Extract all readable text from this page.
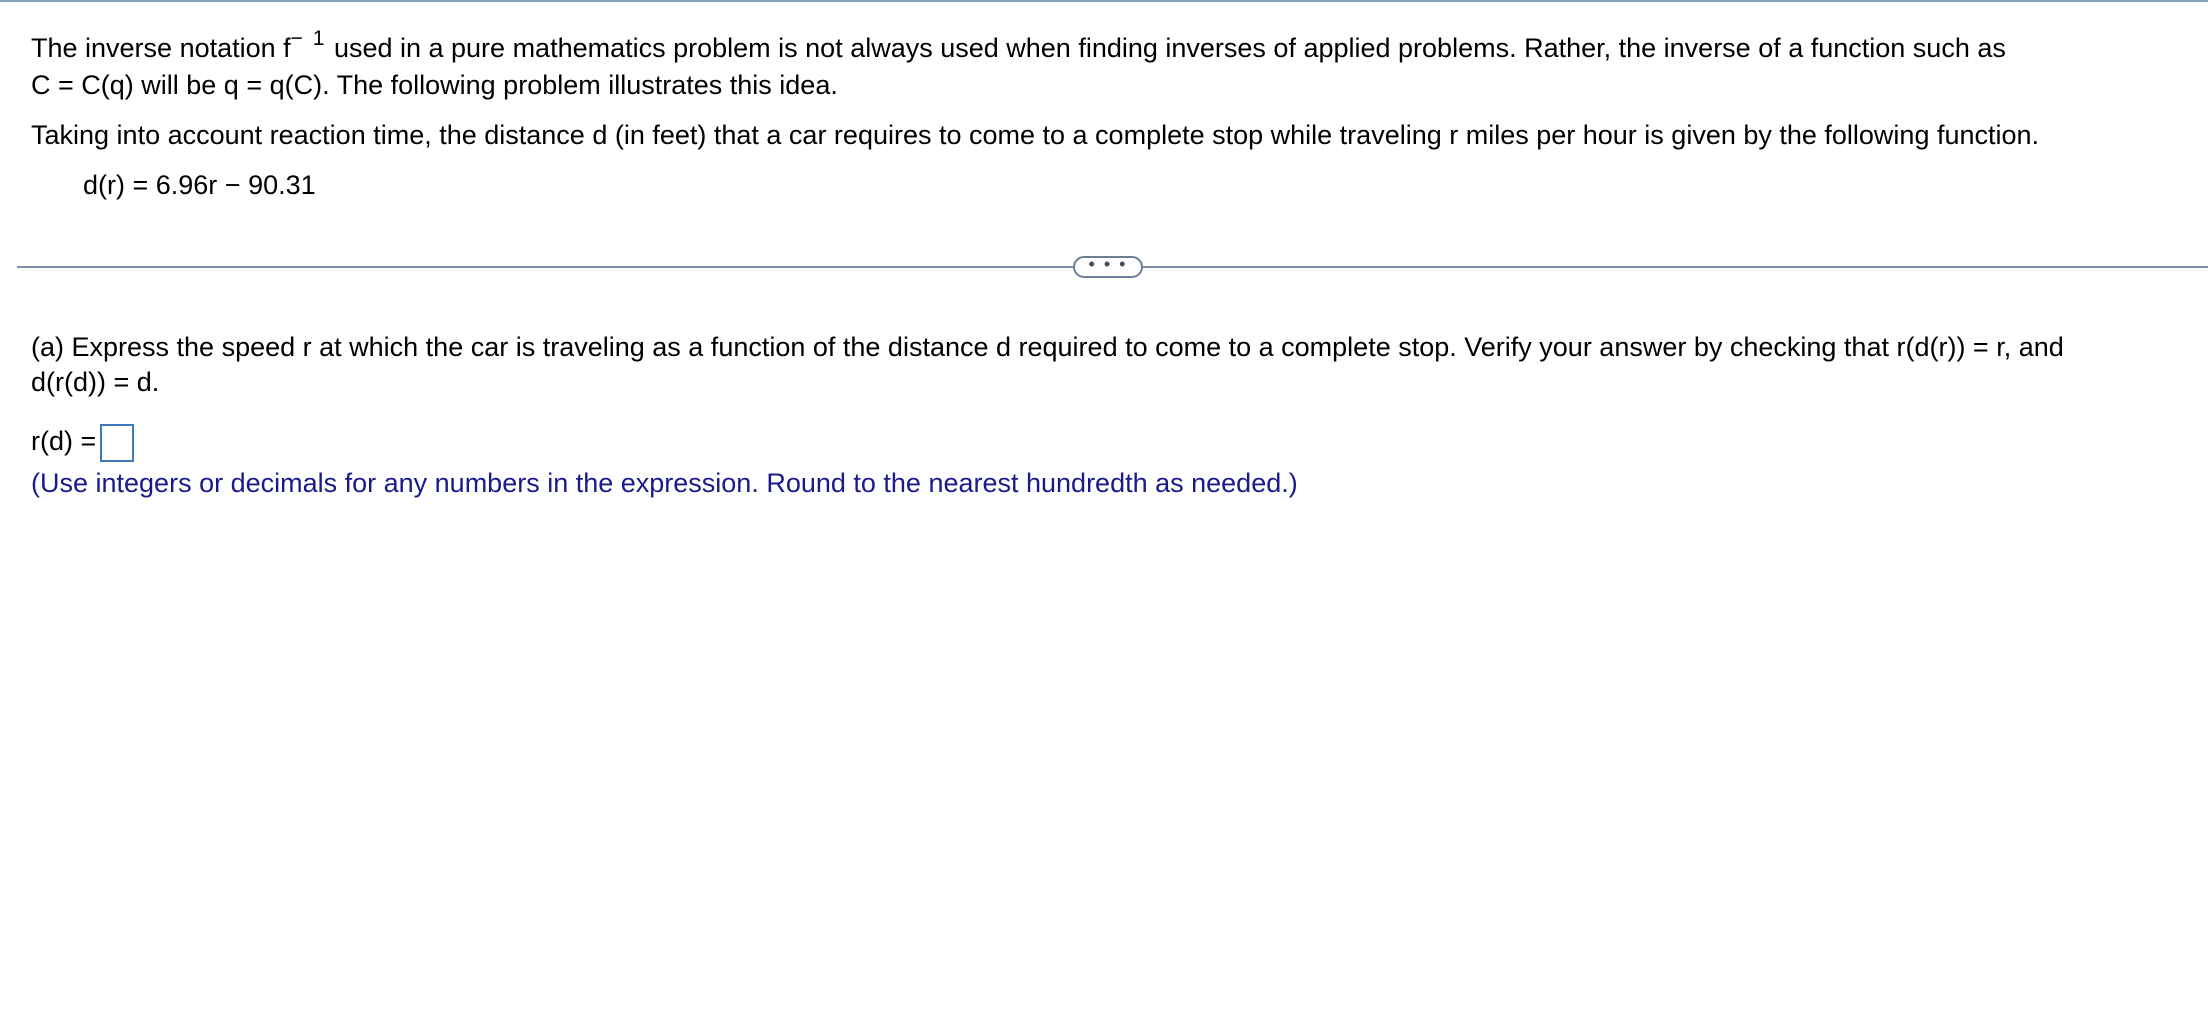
The inverse notation $f^{- 1}$ used in a pure mathematics problem is not always used when finding inverses of applied problems. Rather, the inverse of a function such as
C = C(q) will be q = q(C). The following problem illustrates this idea.
Taking into account reaction time, the distance d (in feet) that a car requires to come to a complete stop while traveling r miles per hour is given by the following function.
d(r) = 6.96r − 90.31
• • •
(a) Express the speed r at which the car is traveling as a function of the distance d required to come to a complete stop. Verify your answer by checking that r(d(r)) = r, and
d(r(d)) = d.
r(d) =
(Use integers or decimals for any numbers in the expression. Round to the nearest hundredth as needed.)
